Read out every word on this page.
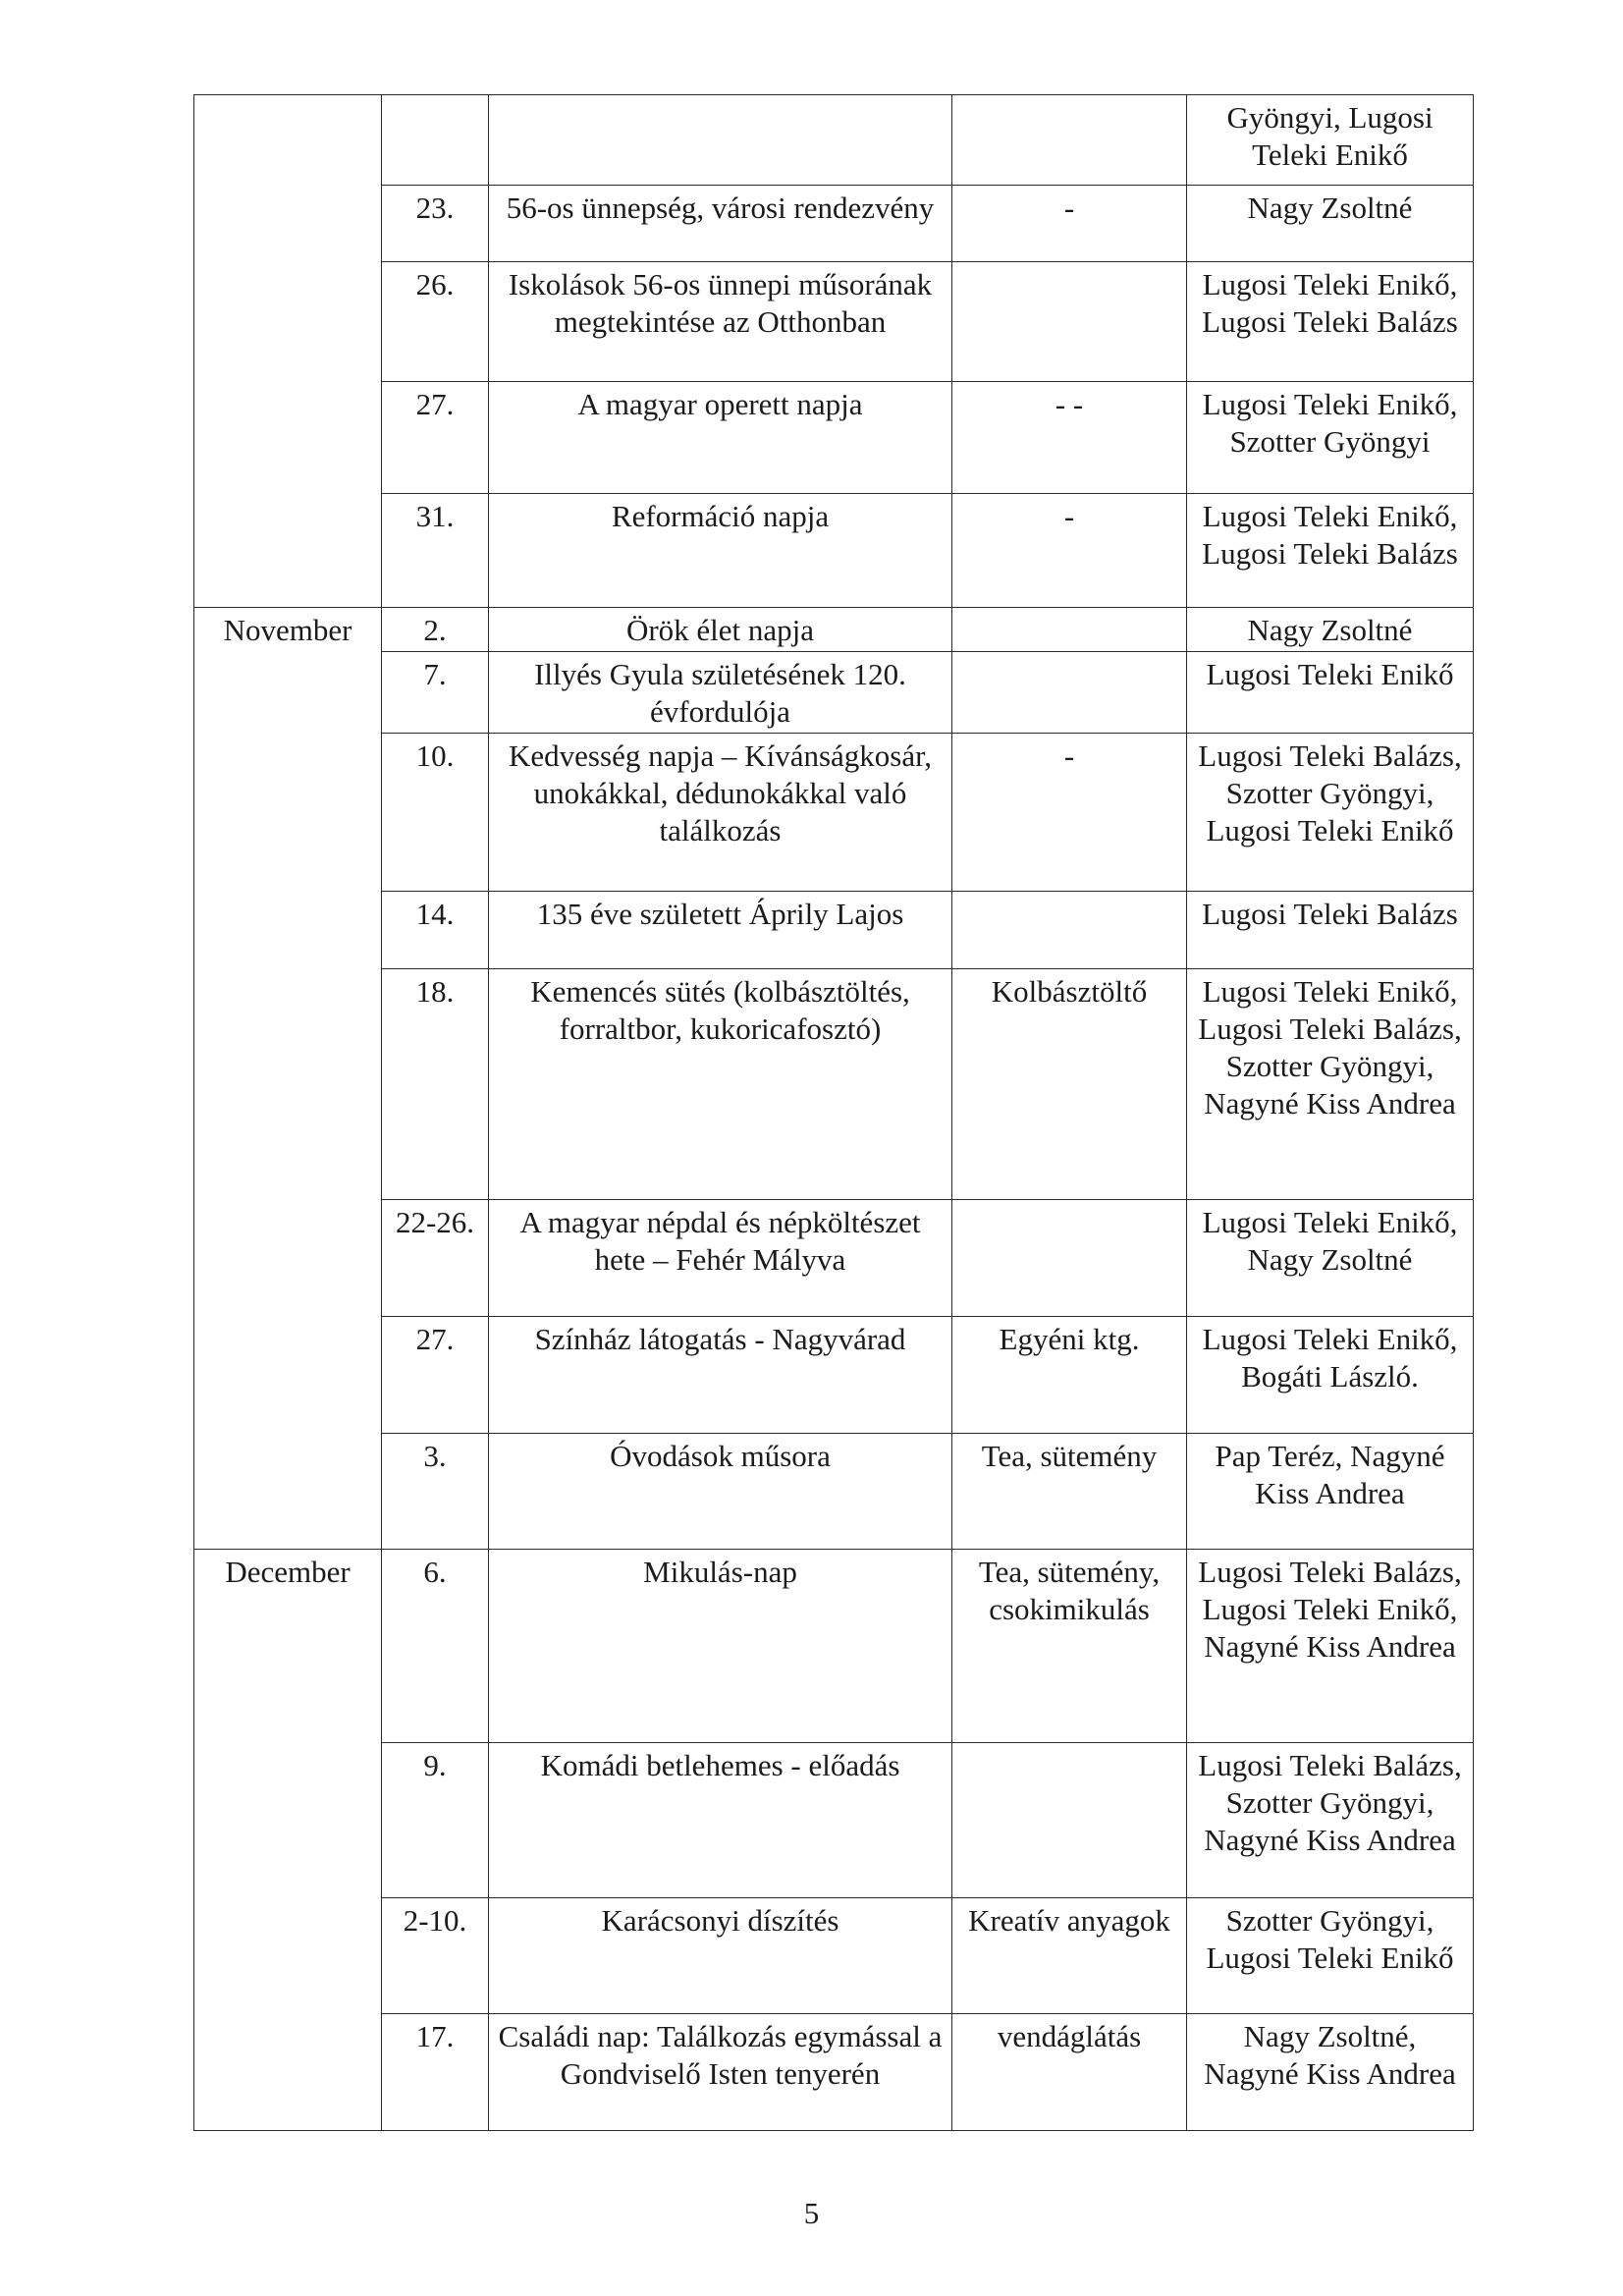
				Gyöngyi, Lugosi Teleki Enikő
	23.	56-os ünnepség, városi rendezvény	-	Nagy Zsoltné
	26.	Iskolások 56-os ünnepi műsorának megtekintése az Otthonban		Lugosi Teleki Enikő, Lugosi Teleki Balázs
	27.	A magyar operett napja	- -	Lugosi Teleki Enikő, Szotter Gyöngyi
	31.	Reformáció napja	-	Lugosi Teleki Enikő, Lugosi Teleki Balázs
November	2.	Örök élet napja		Nagy Zsoltné
	7.	Illyés Gyula születésének 120. évfordulója		Lugosi Teleki Enikő
	10.	Kedvesség napja – Kívánságkosár, unokákkal, dédunokákkal való találkozás	-	Lugosi Teleki Balázs, Szotter Gyöngyi, Lugosi Teleki Enikő
	14.	135 éve született Áprily Lajos		Lugosi Teleki Balázs
	18.	Kemencés sütés (kolbásztöltés, forraltbor, kukoricafosztó)	Kolbásztöltő	Lugosi Teleki Enikő, Lugosi Teleki Balázs, Szotter Gyöngyi, Nagyné Kiss Andrea
	22-26.	A magyar népdal és népköltészet hete – Fehér Mályva		Lugosi Teleki Enikő, Nagy Zsoltné
	27.	Színház látogatás - Nagyvárad	Egyéni ktg.	Lugosi Teleki Enikő, Bogáti László.
	3.	Óvodások műsora	Tea, sütemény	Pap Teréz, Nagyné Kiss Andrea
December	6.	Mikulás-nap	Tea, sütemény, csokimikulás	Lugosi Teleki Balázs, Lugosi Teleki Enikő, Nagyné Kiss Andrea
	9.	Komádi betlehemes - előadás		Lugosi Teleki Balázs, Szotter Gyöngyi, Nagyné Kiss Andrea
	2-10.	Karácsonyi díszítés	Kreatív anyagok	Szotter Gyöngyi, Lugosi Teleki Enikő
	17.	Családi nap: Találkozás egymással a Gondviselő Isten tenyerén	vendáglátás	Nagy Zsoltné, Nagyné Kiss Andrea
5
